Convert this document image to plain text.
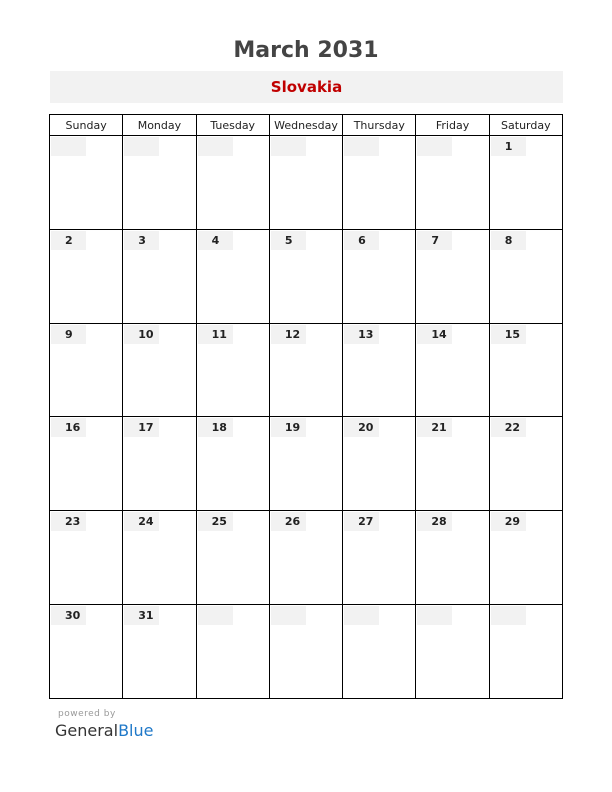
March 2031
Slovakia
Sunday	Monday	Tuesday	Wednesday	Thursday	Friday	Saturday

						1

2	3	4	5	6	7	8

9	10	11	12	13	14	15

16	17	18	19	20	21	22

23	24	25	26	27	28	29

30	31					

powered by
GeneralBlue
